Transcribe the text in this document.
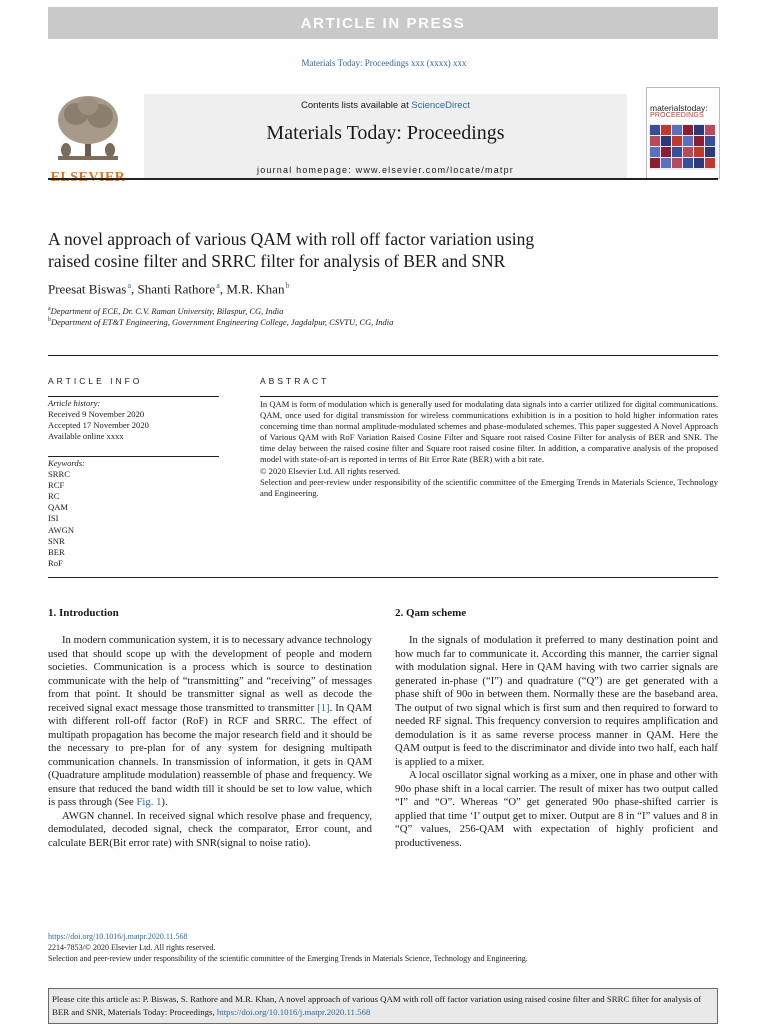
ARTICLE IN PRESS
Materials Today: Proceedings xxx (xxxx) xxx
Contents lists available at ScienceDirect
Materials Today: Proceedings
journal homepage: www.elsevier.com/locate/matpr
materialstoday:
PROCEEDINGS
A novel approach of various QAM with roll off factor variation using
raised cosine filter and SRRC filter for analysis of BER and SNR
Preesat Biswas $^a$, Shanti Rathore $^a$, M.R. Khan $^b$
$^a$Department of ECE, Dr. C.V. Raman University, Bilaspur, CG, India
$^b$Department of ET&T Engineering, Government Engineering College, Jagdalpur, CSVTU, CG, India
ARTICLE INFO
Article history:
Received 9 November 2020
Accepted 17 November 2020
Available online xxxx
Keywords:
SRRC
RCF
RC
QAM
ISI
AWGN
SNR
BER
RoF
ABSTRACT
In QAM is form of modulation which is generally used for modulating data signals into a carrier utilized for digital communications. QAM, once used for digital transmission for wireless communications exhibition is in a position to hold higher information rates concerning time than normal amplitude-modulated schemes and phase-modulated schemes. This paper suggested A Novel Approach of Various QAM with RoF Variation Raised Cosine Filter and Square root raised Cosine Filter for analysis of BER and SNR. The time delay between the raised cosine filter and Square root raised cosine filter. In addition, a comparative analysis of the proposed model with state-of-art is reported in terms of Bit Error Rate (BER) with a bit rate.
© 2020 Elsevier Ltd. All rights reserved.
Selection and peer-review under responsibility of the scientific committee of the Emerging Trends in Materials Science, Technology and Engineering.
1. Introduction

In modern communication system, it is to necessary advance technology used that should scope up with the development of people and modern societies. Communication is a process which is source to destination communicate with the help of “transmitting” and “receiving” of messages from that point. It should be transmitter signal as well as decode the received signal exact message those transmitted to transmitter [1]. In QAM with different roll-off factor (RoF) in RCF and SRRC. The effect of multipath propagation has become the major research field and it should be the necessary to pre-plan for of any system for designing multipath communication channels. In transmission of information, it gets in QAM (Quadrature amplitude modulation) reassemble of phase and frequency. We ensure that reduced the band width till it should be set to low value, which is pass through (See Fig. 1).

AWGN channel. In received signal which resolve phase and frequency, demodulated, decoded signal, check the comparator, Error count, and calculate BER(Bit error rate) with SNR(signal to noise ratio).

2. Qam scheme

In the signals of modulation it preferred to many destination point and how much far to communicate it. According this manner, the carrier signal with modulation signal. Here in QAM having with two carrier signals are generated in-phase (“I”) and quadrature (“Q”) are get generated with a phase shift of 90o in between them. Normally these are the baseband area. The output of two signal which is first sum and then required to forward to needed RF signal. This frequency conversion to requires amplification and demodulation is it as same reverse process manner in QAM. Here the QAM output is feed to the discriminator and divide into two half, each half is applied to a mixer.

A local oscillator signal working as a mixer, one in phase and other with 90o phase shift in a local carrier. The result of mixer has two output called “I” and “O”. Whereas “O” get generated 90o phase-shifted carrier is applied that time ‘I’ output get to mixer. Output are 8 in “I” values and 8 in “Q” values, 256-QAM with expectation of highly proficient and productiveness.

https://doi.org/10.1016/j.matpr.2020.11.568
2214-7853/© 2020 Elsevier Ltd. All rights reserved.
Selection and peer-review under responsibility of the scientific committee of the Emerging Trends in Materials Science, Technology and Engineering.
Please cite this article as: P. Biswas, S. Rathore and M.R. Khan, A novel approach of various QAM with roll off factor variation using raised cosine filter and SRRC filter for analysis of BER and SNR, Materials Today: Proceedings, https://doi.org/10.1016/j.matpr.2020.11.568
